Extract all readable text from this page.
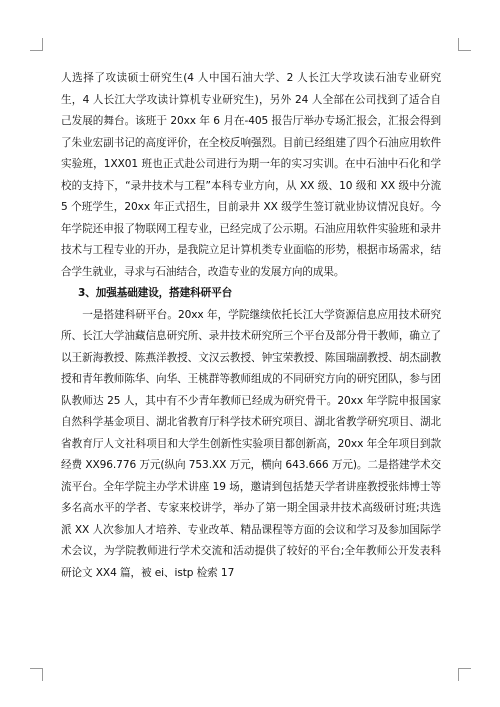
人选择了攻读硕士研究生(4 人中国石油大学、2 人长江大学攻读石油专业研究生，4 人长江大学攻读计算机专业研究生)，另外 24 人全部在公司找到了适合自己发展的舞台。该班于 20xx 年 6 月在-405 报告厅举办专场汇报会，汇报会得到了朱业宏副书记的高度评价，在全校反响强烈。目前已经组建了四个石油应用软件实验班，1XX01 班也正式赴公司进行为期一年的实习实训。在中石油中石化和学校的支持下，“录井技术与工程”本科专业方向，从 XX 级、10 级和 XX 级中分流 5 个班学生，20xx 年正式招生，目前录井 XX 级学生签订就业协议情况良好。今年学院还申报了物联网工程专业，已经完成了公示期。石油应用软件实验班和录井技术与工程专业的开办，是我院立足计算机类专业面临的形势，根据市场需求，结合学生就业，寻求与石油结合，改造专业的发展方向的成果。

3、加强基础建设，搭建科研平台

一是搭建科研平台。20xx 年，学院继续依托长江大学资源信息应用技术研究所、长江大学油藏信息研究所、录井技术研究所三个平台及部分骨干教师，确立了以王新海教授、陈燕洋教授、文汉云教授、钟宝荣教授、陈国瑞副教授、胡杰副教授和青年教师陈华、向华、王桃群等教师组成的不同研究方向的研究团队，参与团队教师达 25 人，其中有不少青年教师已经成为研究骨干。20xx 年学院申报国家自然科学基金项目、湖北省教育厅科学技术研究项目、湖北省教学研究项目、湖北省教育厅人文社科项目和大学生创新性实验项目都创新高，20xx 年全年项目到款经费 XX96.776 万元(纵向 753.XX 万元，横向 643.666 万元)。二是搭建学术交流平台。全年学院主办学术讲座 19 场，邀请到包括楚天学者讲座教授张炜博士等多名高水平的学者、专家来校讲学，举办了第一期全国录井技术高级研讨班;共选派 XX 人次参加人才培养、专业改革、精品课程等方面的会议和学习及参加国际学术会议，为学院教师进行学术交流和活动提供了较好的平台;全年教师公开发表科研论文 XX4 篇，被 ei、istp 检索 17
